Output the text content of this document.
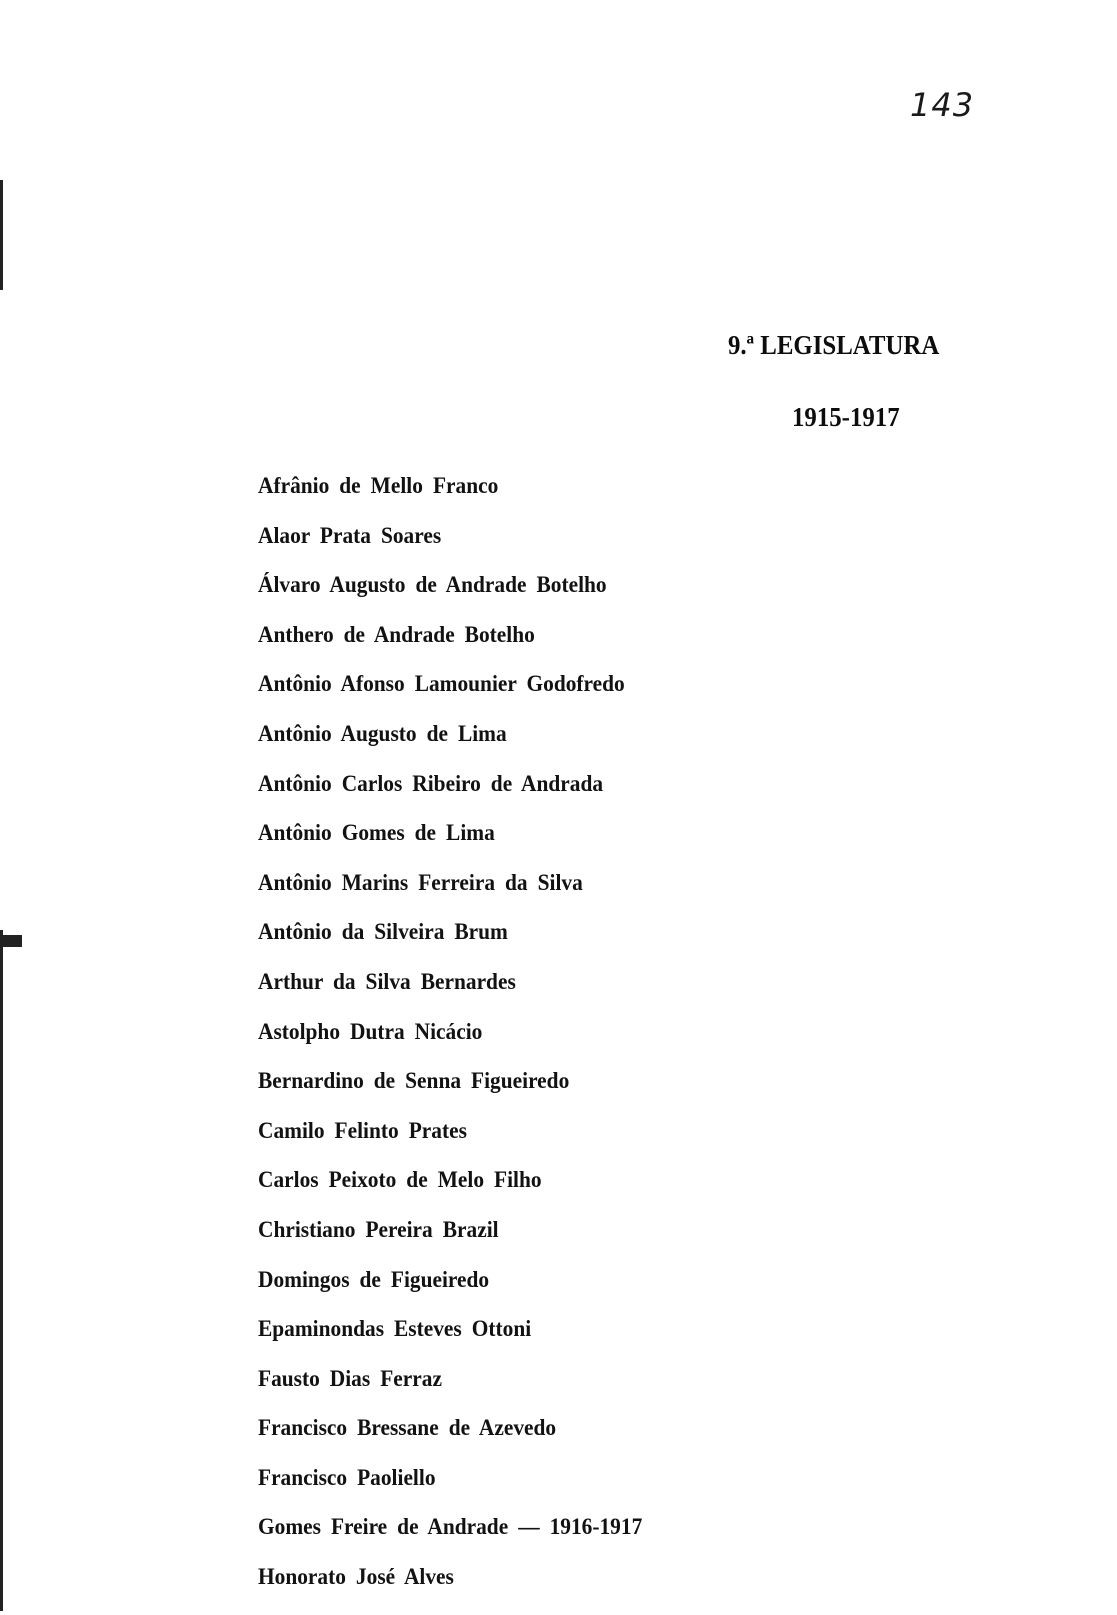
143
9.ª LEGISLATURA
1915-1917
Afrânio de Mello Franco
Alaor Prata Soares
Álvaro Augusto de Andrade Botelho
Anthero de Andrade Botelho
Antônio Afonso Lamounier Godofredo
Antônio Augusto de Lima
Antônio Carlos Ribeiro de Andrada
Antônio Gomes de Lima
Antônio Marins Ferreira da Silva
Antônio da Silveira Brum
Arthur da Silva Bernardes
Astolpho Dutra Nicácio
Bernardino de Senna Figueiredo
Camilo Felinto Prates
Carlos Peixoto de Melo Filho
Christiano Pereira Brazil
Domingos de Figueiredo
Epaminondas Esteves Ottoni
Fausto Dias Ferraz
Francisco Bressane de Azevedo
Francisco Paoliello
Gomes Freire de Andrade — 1916-1917
Honorato José Alves
